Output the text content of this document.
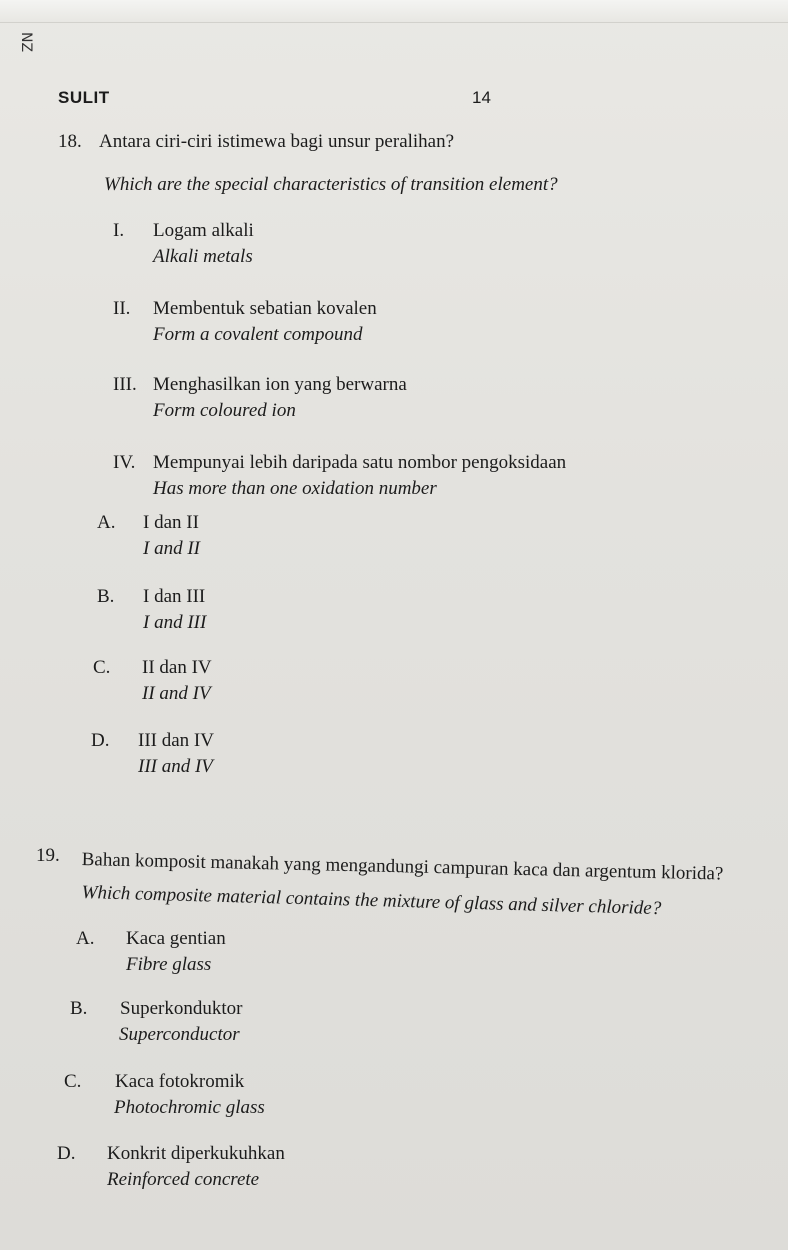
NZ
SULIT	14
18. Antara ciri-ciri istimewa bagi unsur peralihan?
Which are the special characteristics of transition element?
I. Logam alkali
Alkali metals
II. Membentuk sebatian kovalen
Form a covalent compound
III. Menghasilkan ion yang berwarna
Form coloured ion
IV. Mempunyai lebih daripada satu nombor pengoksidaan
Has more than one oxidation number
A. I dan II
I and II
B. I dan III
I and III
C. II dan IV
II and IV
D. III dan IV
III and IV
19. Bahan komposit manakah yang mengandungi campuran kaca dan argentum klorida?
Which composite material contains the mixture of glass and silver chloride?
A. Kaca gentian
Fibre glass
B. Superkonduktor
Superconductor
C. Kaca fotokromik
Photochromic glass
D. Konkrit diperkukuhkan
Reinforced concrete
